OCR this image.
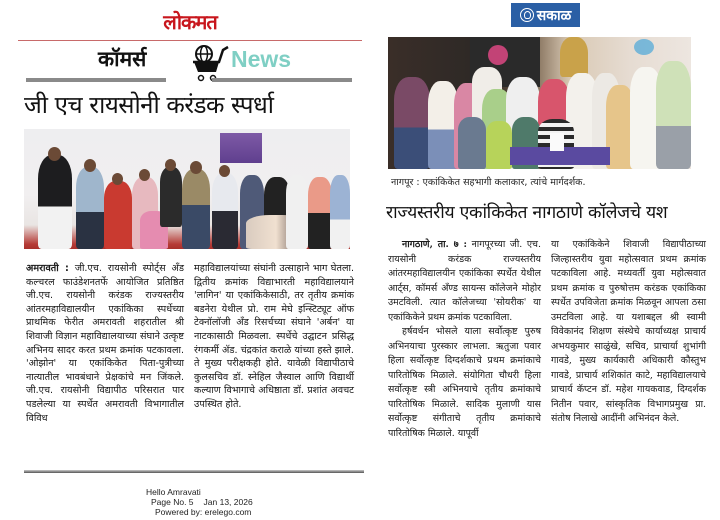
लोकमत
कॉमर्स	News
जी एच रायसोनी करंडक स्पर्धा
अमरावती : जी.एच. रायसोनी स्पोर्ट्स अँड कल्चरल फाउंडेशनतर्फे आयोजित प्रतिष्ठित जी.एच. रायसोनी करंडक राज्यस्तरीय आंतरमहाविद्यालयीन एकांकिका स्पर्धेच्या प्राथमिक फेरीत अमरावती शहरातील श्री शिवाजी विज्ञान महाविद्यालयाच्या संघाने उत्कृष्ट अभिनय सादर करत प्रथम क्रमांक पटकावला. 'ओझोन' या एकांकिकेत पिता-पुत्रीच्या नात्यातील भावबंधाने प्रेक्षकांचे मन जिंकले. जी.एच. रायसोनी विद्यापीठ परिसरात पार पडलेल्या या स्पर्धेत अमरावती विभागातील विविध
महाविद्यालयांच्या संघांनी उत्साहाने भाग घेतला. द्वितीय क्रमांक विद्याभारती महाविद्यालयाने 'लागिन' या एकांकिकेसाठी, तर तृतीय क्रमांक बडनेरा येथील प्रो. राम मेघे इन्स्टिट्यूट ऑफ टेक्नॉलॉजी अँड रिसर्चच्या संघाने 'अर्बन' या नाटकासाठी मिळवला. स्पर्धेचे उद्घाटन प्रसिद्ध रंगकर्मी ॲड. चंद्रकांत कराळे यांच्या हस्ते झाले. ते मुख्य परीक्षकही होते. यावेळी विद्यापीठाचे कुलसचिव डॉ. स्नेहिल जैस्वाल आणि विद्यार्थी कल्याण विभागाचे अधिष्ठाता डॉ. प्रशांत अवचट उपस्थित होते.
Hello Amravati
Page No. 5 Jan 13, 2026
Powered by: erelego.com
सकाळ
नागपूर : एकांकिकेत सहभागी कलाकार, त्यांचे मार्गदर्शक.
राज्यस्तरीय एकांकिकेत नागठाणे कॉलेजचे यश

नागठाणे, ता. ७ : नागपूरच्या जी. एच. रायसोनी करंडक राज्यस्तरीय आंतरमहाविद्यालयीन एकांकिका स्पर्धेत येथील आर्ट्स, कॉमर्स अँण्ड सायन्स कॉलेजने मोहोर उमटविली. त्यात कॉलेजच्या 'सोयरीक' या एकांकिकेने प्रथम क्रमांक पटकाविला.

हर्षवर्धन भोसले याला सर्वोत्कृष्ट पुरुष अभिनयाचा पुरस्कार लाभला. ऋतुजा पवार हिला सर्वोत्कृष्ट दिग्दर्शकाचे प्रथम क्रमांकाचे पारितोषिक मिळाले. संयोगिता चौधरी हिला सर्वोत्कृष्ट स्त्री अभिनयाचे तृतीय क्रमांकाचे पारितोषिक मिळाले. सादिक मुलाणी यास सर्वोत्कृष्ट संगीताचे तृतीय क्रमांकाचे पारितोषिक मिळाले. यापूर्वी

या एकांकिकेने शिवाजी विद्यापीठाच्या जिल्हास्तरीय युवा महोत्सवात प्रथम क्रमांक पटकाविला आहे. मध्यवर्ती युवा महोत्सवात प्रथम क्रमांक व पुरुषोत्तम करंडक एकांकिका स्पर्धेत उपविजेता क्रमांक मिळवून आपला ठसा उमटविला आहे. या यशाबद्दल श्री स्वामी विवेकानंद शिक्षण संस्थेचे कार्याध्यक्ष प्राचार्य अभयकुमार साळुंखे, सचिव, प्राचार्या शुभांगी गावडे, मुख्य कार्यकारी अधिकारी कौस्तुभ गावडे, प्राचार्य शशिकांत काटे, महाविद्यालयाचे प्राचार्य कॅप्टन डॉ. महेश गायकवाड, दिग्दर्शक नितीन पवार, सांस्कृतिक विभागप्रमुख प्रा. संतोष निलाखे आदींनी अभिनंदन केले.
